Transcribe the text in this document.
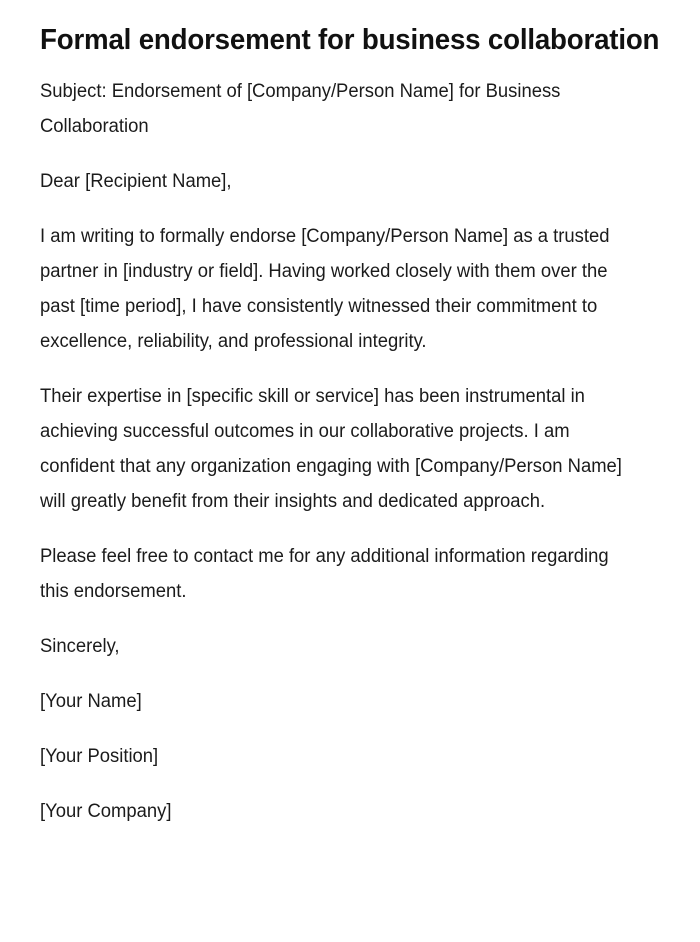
Formal endorsement for business collaboration

Subject: Endorsement of [Company/Person Name] for Business Collaboration

Dear [Recipient Name],

I am writing to formally endorse [Company/Person Name] as a trusted partner in [industry or field]. Having worked closely with them over the past [time period], I have consistently witnessed their commitment to excellence, reliability, and professional integrity.

Their expertise in [specific skill or service] has been instrumental in achieving successful outcomes in our collaborative projects. I am confident that any organization engaging with [Company/Person Name] will greatly benefit from their insights and dedicated approach.

Please feel free to contact me for any additional information regarding this endorsement.

Sincerely,

[Your Name]

[Your Position]

[Your Company]
